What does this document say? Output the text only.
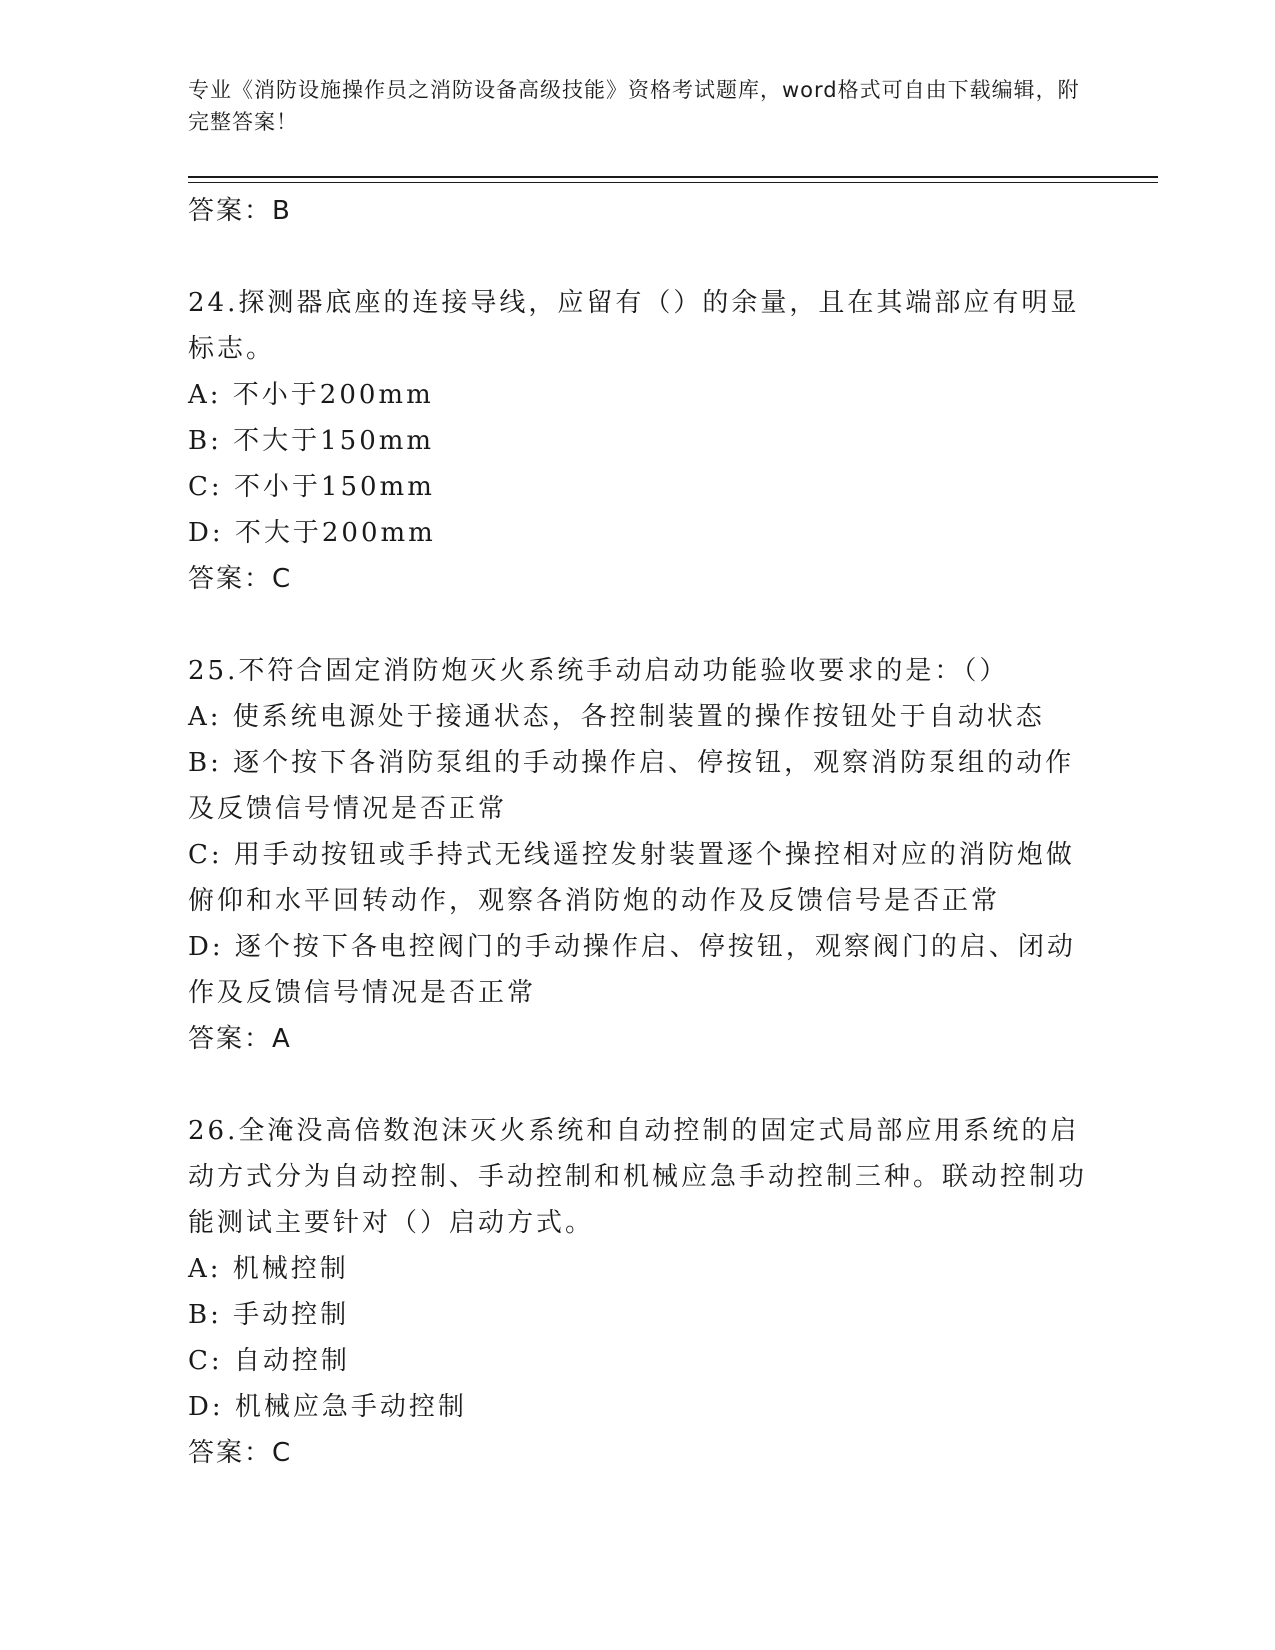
专业《消防设施操作员之消防设备高级技能》资格考试题库，word格式可自由下载编辑，附完整答案！
答案：B

24.探测器底座的连接导线，应留有（）的余量，且在其端部应有明显标志。

A: 不小于200mm

B: 不大于150mm

C: 不小于150mm

D: 不大于200mm

答案：C

25.不符合固定消防炮灭火系统手动启动功能验收要求的是：（）

A: 使系统电源处于接通状态，各控制装置的操作按钮处于自动状态

B: 逐个按下各消防泵组的手动操作启、停按钮，观察消防泵组的动作及反馈信号情况是否正常

C: 用手动按钮或手持式无线遥控发射装置逐个操控相对应的消防炮做俯仰和水平回转动作，观察各消防炮的动作及反馈信号是否正常

D: 逐个按下各电控阀门的手动操作启、停按钮，观察阀门的启、闭动作及反馈信号情况是否正常

答案：A

26.全淹没高倍数泡沫灭火系统和自动控制的固定式局部应用系统的启动方式分为自动控制、手动控制和机械应急手动控制三种。联动控制功能测试主要针对（）启动方式。

A: 机械控制

B: 手动控制

C: 自动控制

D: 机械应急手动控制

答案：C
